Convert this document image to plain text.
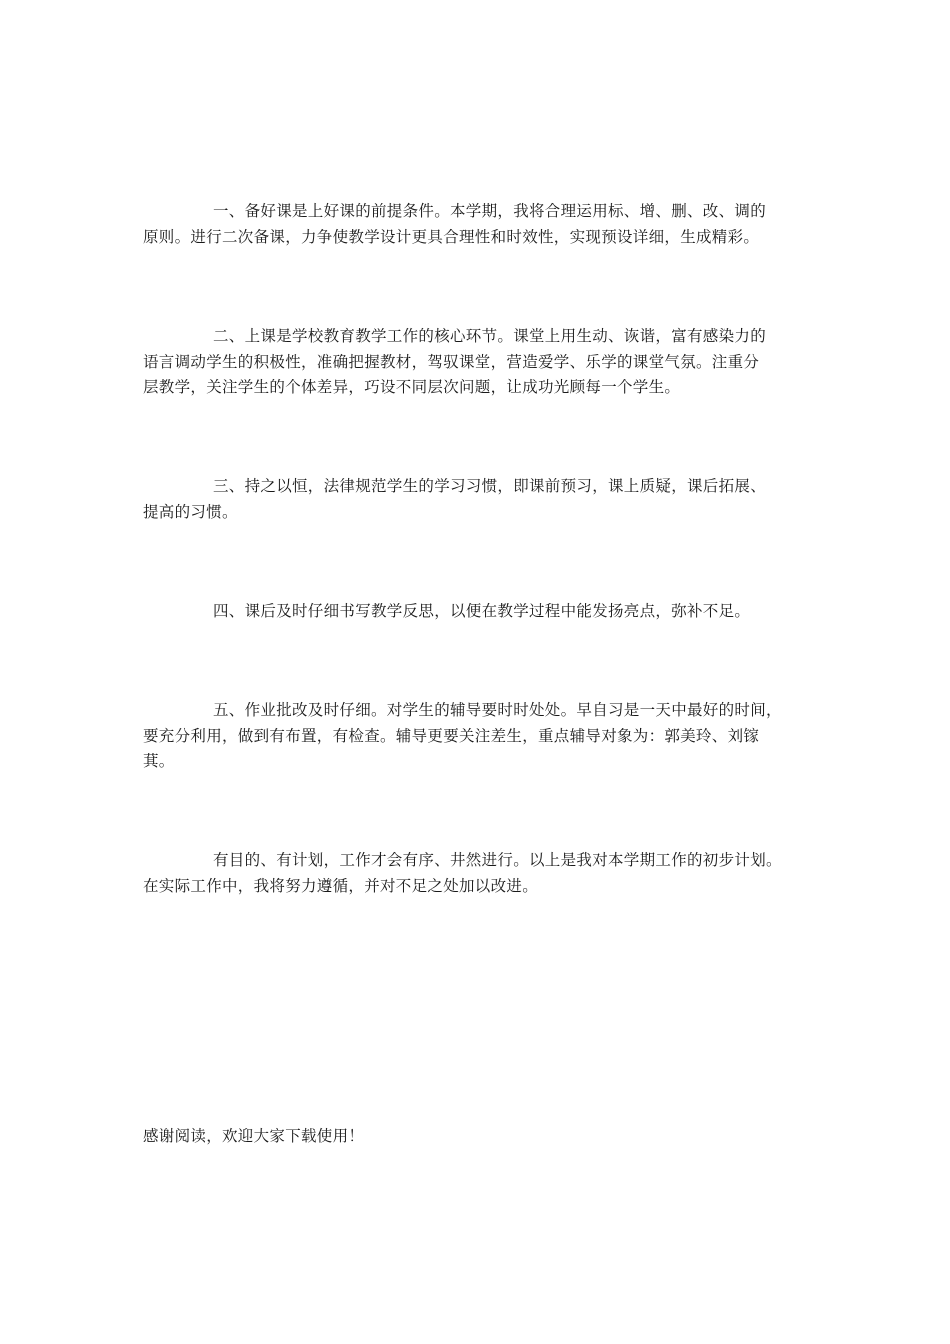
一、备好课是上好课的前提条件。本学期，我将合理运用标、增、删、改、调的
原则。进行二次备课，力争使教学设计更具合理性和时效性，实现预设详细，生成精彩。
二、上课是学校教育教学工作的核心环节。课堂上用生动、诙谐，富有感染力的
语言调动学生的积极性，准确把握教材，驾驭课堂，营造爱学、乐学的课堂气氛。注重分
层教学，关注学生的个体差异，巧设不同层次问题，让成功光顾每一个学生。
三、持之以恒，法律规范学生的学习习惯，即课前预习，课上质疑，课后拓展、
提高的习惯。
四、课后及时仔细书写教学反思，以便在教学过程中能发扬亮点，弥补不足。
五、作业批改及时仔细。对学生的辅导要时时处处。早自习是一天中最好的时间，
要充分利用，做到有布置，有检查。辅导更要关注差生，重点辅导对象为：郭美玲、刘镓
萁。
有目的、有计划，工作才会有序、井然进行。以上是我对本学期工作的初步计划。
在实际工作中，我将努力遵循，并对不足之处加以改进。
感谢阅读，欢迎大家下载使用！
